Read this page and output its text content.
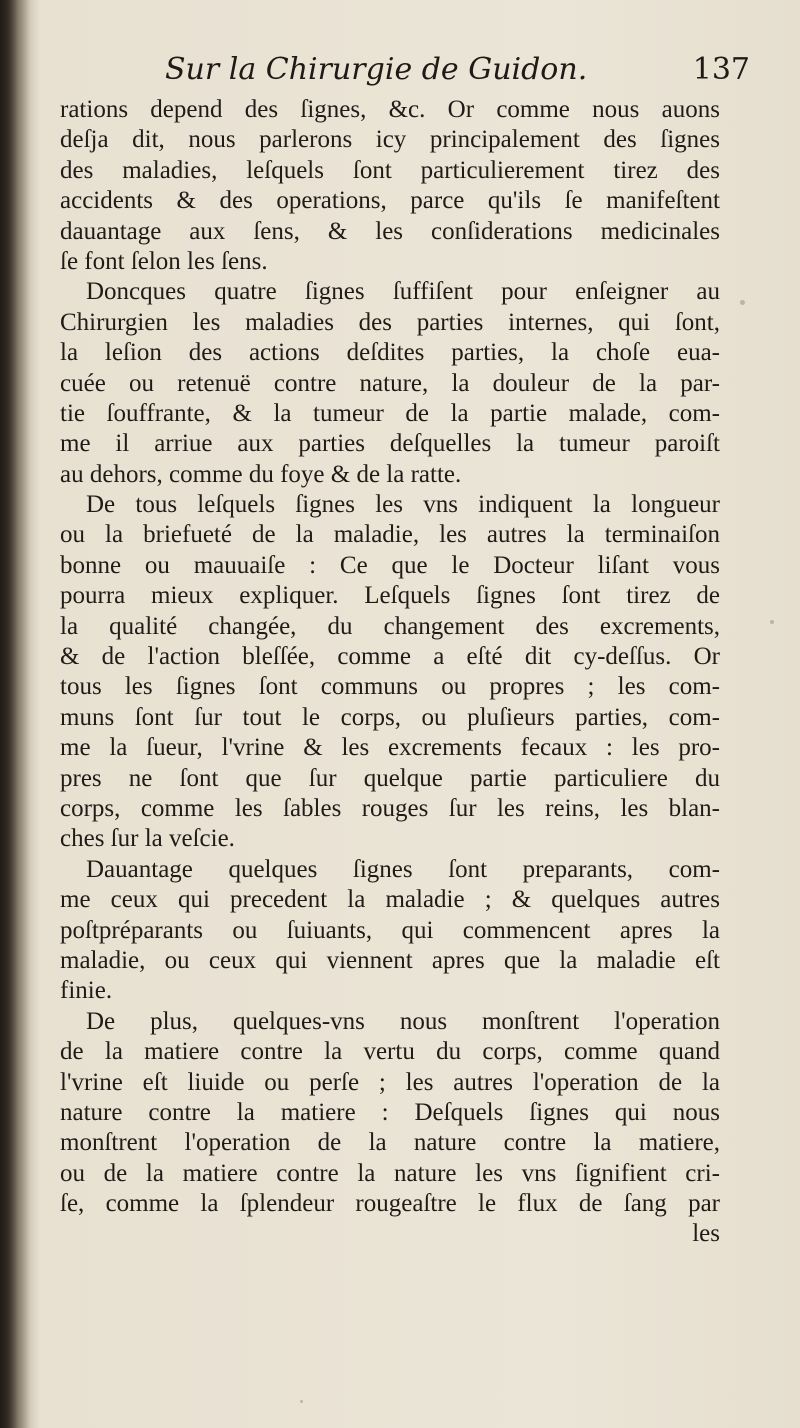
Sur la Chirurgie de Guidon.	137
rations depend des ſignes, &c. Or comme nous auons
deſja dit, nous parlerons icy principalement des ſignes
des maladies, leſquels ſont particulierement tirez des
accidents & des operations, parce qu'ils ſe manifeſtent
dauantage aux ſens, & les conſiderations medicinales
ſe font ſelon les ſens.
Doncques quatre ſignes ſuffiſent pour enſeigner au
Chirurgien les maladies des parties internes, qui ſont,
la leſion des actions deſdites parties, la choſe eua-
cuée ou retenuë contre nature, la douleur de la par-
tie ſouffrante, & la tumeur de la partie malade, com-
me il arriue aux parties deſquelles la tumeur paroiſt
au dehors, comme du foye & de la ratte.
De tous leſquels ſignes les vns indiquent la longueur
ou la briefueté de la maladie, les autres la terminaiſon
bonne ou mauuaiſe : Ce que le Docteur liſant vous
pourra mieux expliquer. Leſquels ſignes ſont tirez de
la qualité changée, du changement des excrements,
& de l'action bleſſée, comme a eſté dit cy-deſſus. Or
tous les ſignes ſont communs ou propres ; les com-
muns ſont ſur tout le corps, ou pluſieurs parties, com-
me la ſueur, l'vrine & les excrements fecaux : les pro-
pres ne ſont que ſur quelque partie particuliere du
corps, comme les ſables rouges ſur les reins, les blan-
ches ſur la veſcie.
Dauantage quelques ſignes ſont preparants, com-
me ceux qui precedent la maladie ; & quelques autres
poſtpréparants ou ſuiuants, qui commencent apres la
maladie, ou ceux qui viennent apres que la maladie eſt
finie.
De plus, quelques-vns nous monſtrent l'operation
de la matiere contre la vertu du corps, comme quand
l'vrine eſt liuide ou perſe ; les autres l'operation de la
nature contre la matiere : Deſquels ſignes qui nous
monſtrent l'operation de la nature contre la matiere,
ou de la matiere contre la nature les vns ſignifient cri-
ſe, comme la ſplendeur rougeaſtre le flux de ſang par
les
